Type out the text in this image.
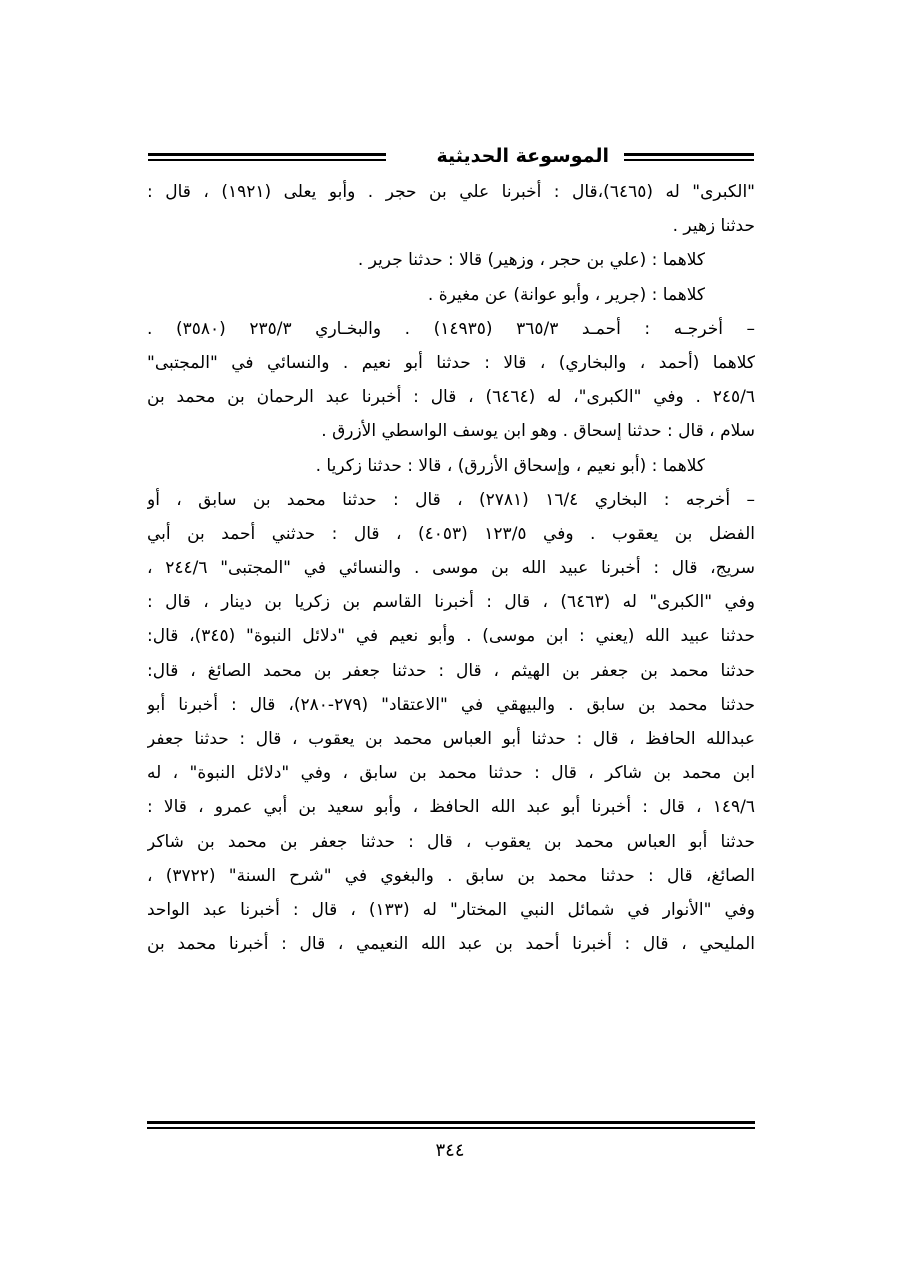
الموسوعة الحديثية
"الكبرى" له (٦٤٦٥)،قال : أخبرنا علي بن حجر . وأبو يعلى (١٩٢١) ، قال :
حدثنا زهير .
كلاهما : (علي بن حجر ، وزهير) قالا : حدثنا جرير .
كلاهما : (جرير ، وأبو عوانة) عن مغيرة .
– أخرجـه : أحمـد ٣٦٥/٣ (١٤٩٣٥) . والبخـاري ٢٣٥/٣ (٣٥٨٠) .
كلاهما (أحمد ، والبخاري) ، قالا : حدثنا أبو نعيم . والنسائي في "المجتبى"
٢٤٥/٦ . وفي "الكبرى"، له (٦٤٦٤) ، قال : أخبرنا عبد الرحمان بن محمد بن
سلام ، قال : حدثنا إسحاق . وهو ابن يوسف الواسطي الأزرق .
كلاهما : (أبو نعيم ، وإسحاق الأزرق) ، قالا : حدثنا زكريا .
– أخرجه : البخاري ١٦/٤ (٢٧٨١) ، قال : حدثنا محمد بن سابق ، أو
الفضل بن يعقوب . وفي ١٢٣/٥ (٤٠٥٣) ، قال : حدثني أحمد بن أبي
سريج، قال : أخبرنا عبيد الله بن موسى . والنسائي في "المجتبى" ٢٤٤/٦ ،
وفي "الكبرى" له (٦٤٦٣) ، قال : أخبرنا القاسم بن زكريا بن دينار ، قال :
حدثنا عبيد الله (يعني : ابن موسى) . وأبو نعيم في "دلائل النبوة" (٣٤٥)، قال:
حدثنا محمد بن جعفر بن الهيثم ، قال : حدثنا جعفر بن محمد الصائغ ، قال:
حدثنا محمد بن سابق . والبيهقي في "الاعتقاد" (٢٧٩-٢٨٠)، قال : أخبرنا أبو
عبدالله الحافظ ، قال : حدثنا أبو العباس محمد بن يعقوب ، قال : حدثنا جعفر
ابن محمد بن شاكر ، قال : حدثنا محمد بن سابق ، وفي "دلائل النبوة" ، له
١٤٩/٦ ، قال : أخبرنا أبو عبد الله الحافظ ، وأبو سعيد بن أبي عمرو ، قالا :
حدثنا أبو العباس محمد بن يعقوب ، قال : حدثنا جعفر بن محمد بن شاكر
الصائغ، قال : حدثنا محمد بن سابق . والبغوي في "شرح السنة" (٣٧٢٢) ،
وفي "الأنوار في شمائل النبي المختار" له (١٣٣) ، قال : أخبرنا عبد الواحد
المليحي ، قال : أخبرنا أحمد بن عبد الله النعيمي ، قال : أخبرنا محمد بن
٣٤٤
